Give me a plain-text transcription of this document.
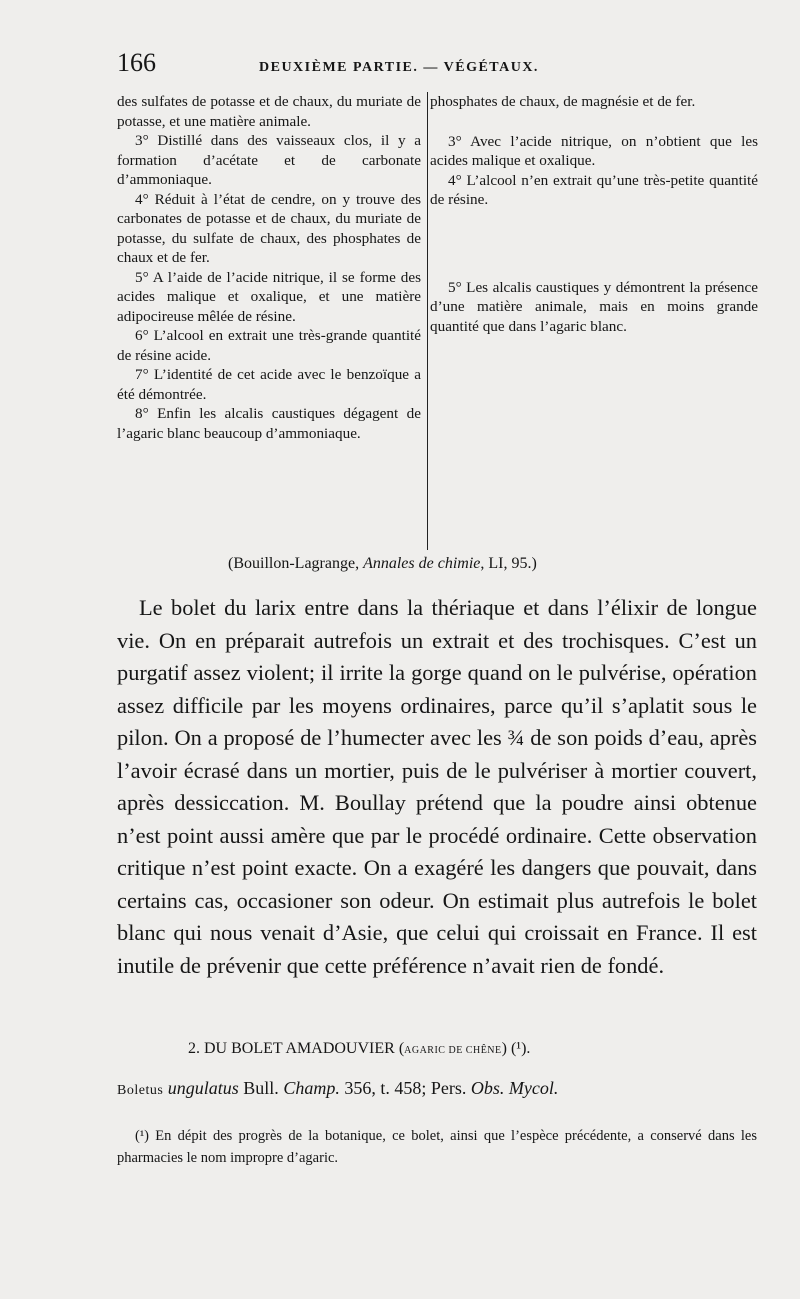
166	DEUXIÈME PARTIE. — VÉGÉTAUX.

des sulfates de potasse et de chaux, du muriate de potasse, et une matière animale.

3° Distillé dans des vaisseaux clos, il y a formation d’acétate et de carbonate d’ammoniaque.

4° Réduit à l’état de cendre, on y trouve des carbonates de potasse et de chaux, du muriate de potasse, du sulfate de chaux, des phosphates de chaux et de fer.

5° A l’aide de l’acide nitrique, il se forme des acides malique et oxalique, et une matière adipocireuse mêlée de résine.

6° L’alcool en extrait une très-grande quantité de résine acide.

7° L’identité de cet acide avec le benzoïque a été démontrée.

8° Enfin les alcalis caustiques dégagent de l’agaric blanc beaucoup d’ammoniaque.

phosphates de chaux, de magnésie et de fer.

3° Avec l’acide nitrique, on n’obtient que les acides malique et oxalique.

4° L’alcool n’en extrait qu’une très-petite quantité de résine.

5° Les alcalis caustiques y démontrent la présence d’une matière animale, mais en moins grande quantité que dans l’agaric blanc.

(Bouillon-Lagrange, Annales de chimie, LI, 95.)

Le bolet du larix entre dans la thériaque et dans l’élixir de longue vie. On en préparait autrefois un extrait et des trochisques. C’est un purgatif assez violent; il irrite la gorge quand on le pulvérise, opération assez difficile par les moyens ordinaires, parce qu’il s’aplatit sous le pilon. On a proposé de l’humecter avec les ¾ de son poids d’eau, après l’avoir écrasé dans un mortier, puis de le pulvériser à mortier couvert, après dessiccation. M. Boullay prétend que la poudre ainsi obtenue n’est point aussi amère que par le procédé ordinaire. Cette observation critique n’est point exacte. On a exagéré les dangers que pouvait, dans certains cas, occasioner son odeur. On estimait plus autrefois le bolet blanc qui nous venait d’Asie, que celui qui croissait en France. Il est inutile de prévenir que cette préférence n’avait rien de fondé.

2. DU BOLET AMADOUVIER (AGARIC DE CHÊNE) (¹).
Boletus ungulatus Bull. Champ. 356, t. 458; Pers. Obs. Mycol.

(¹) En dépit des progrès de la botanique, ce bolet, ainsi que l’espèce précédente, a conservé dans les pharmacies le nom impropre d’agaric.
